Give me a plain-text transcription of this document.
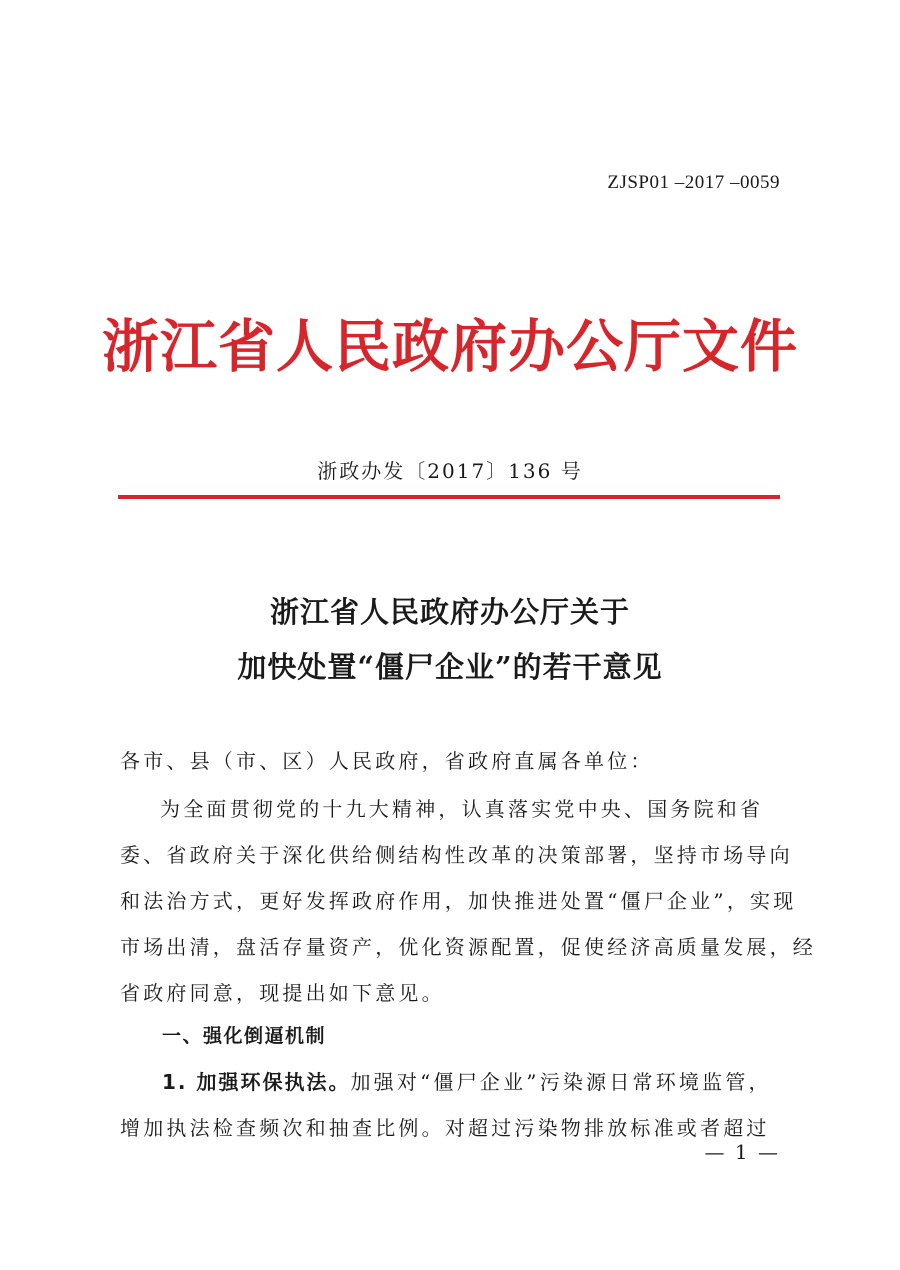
ZJSP01 –2017 –0059
浙江省人民政府办公厅文件
浙政办发〔2017〕136 号
浙江省人民政府办公厅关于
加快处置“僵尸企业”的若干意见
各市、县（市、区）人民政府，省政府直属各单位：
为全面贯彻党的十九大精神，认真落实党中央、国务院和省
委、省政府关于深化供给侧结构性改革的决策部署，坚持市场导向
和法治方式，更好发挥政府作用，加快推进处置“僵尸企业”，实现
市场出清，盘活存量资产，优化资源配置，促使经济高质量发展，经
省政府同意，现提出如下意见。
一、强化倒逼机制
1. 加强环保执法。加强对“僵尸企业”污染源日常环境监管，
增加执法检查频次和抽查比例。对超过污染物排放标准或者超过
— 1 —
